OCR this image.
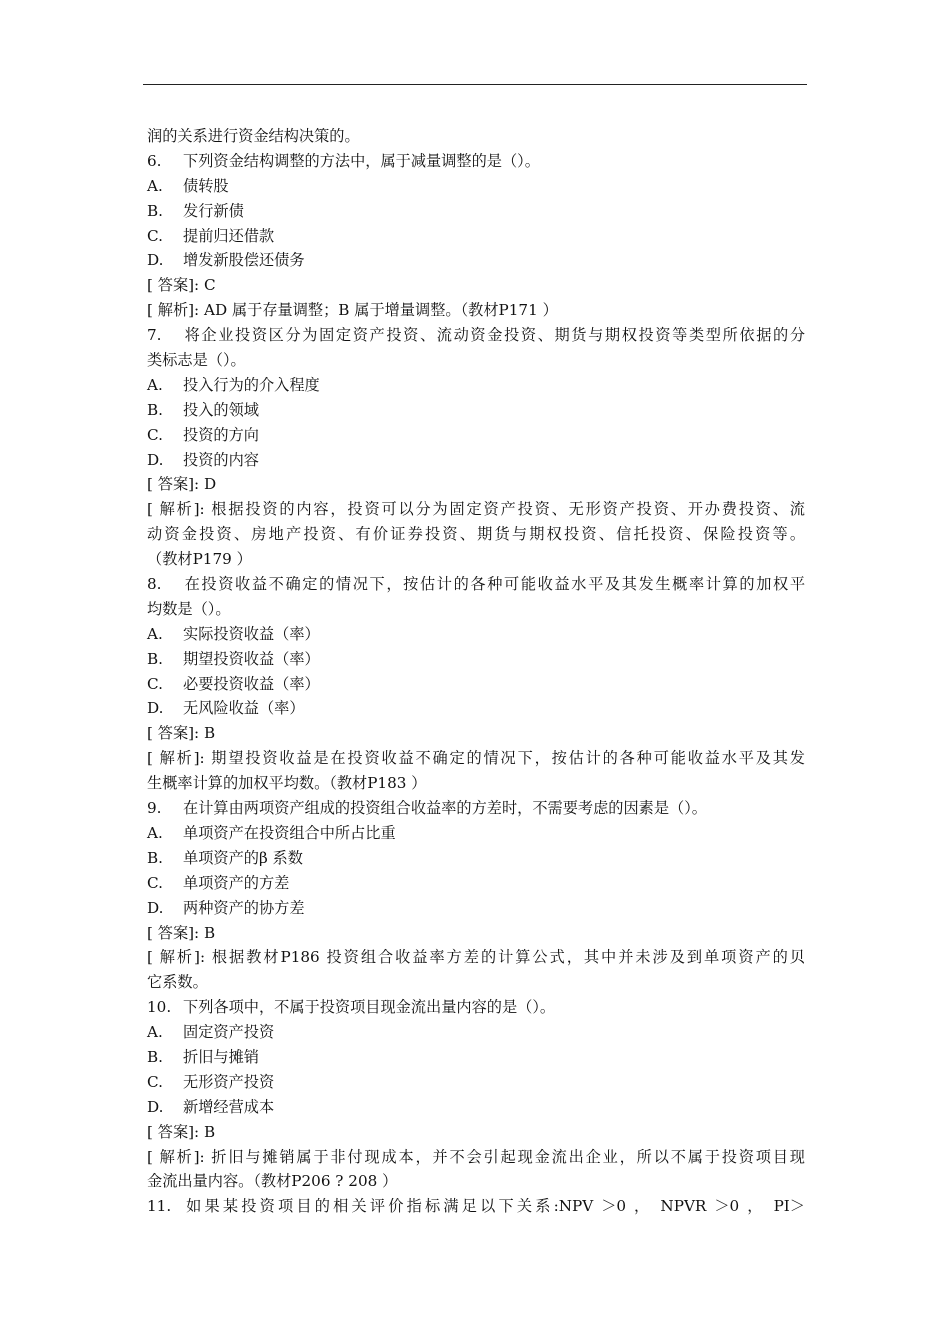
润的关系进行资金结构决策的。
6. 下列资金结构调整的方法中，属于减量调整的是（）。
A. 债转股
B. 发行新债
C. 提前归还借款
D. 增发新股偿还债务
[ 答案]: C
[ 解析]: AD 属于存量调整；B 属于增量调整。（教材P171 ）
7. 将企业投资区分为固定资产投资、流动资金投资、期货与期权投资等类型所依据的分
类标志是（）。
A. 投入行为的介入程度
B. 投入的领域
C. 投资的方向
D. 投资的内容
[ 答案]: D
[ 解析]: 根据投资的内容，投资可以分为固定资产投资、无形资产投资、开办费投资、流
动资金投资、房地产投资、有价证券投资、期货与期权投资、信托投资、保险投资等。
（教材P179 ）
8. 在投资收益不确定的情况下，按估计的各种可能收益水平及其发生概率计算的加权平
均数是（）。
A. 实际投资收益（率）
B. 期望投资收益（率）
C. 必要投资收益（率）
D. 无风险收益（率）
[ 答案]: B
[ 解析]: 期望投资收益是在投资收益不确定的情况下，按估计的各种可能收益水平及其发
生概率计算的加权平均数。（教材P183 ）
9. 在计算由两项资产组成的投资组合收益率的方差时，不需要考虑的因素是（）。
A. 单项资产在投资组合中所占比重
B. 单项资产的β 系数
C. 单项资产的方差
D. 两种资产的协方差
[ 答案]: B
[ 解析]: 根据教材P186 投资组合收益率方差的计算公式，其中并未涉及到单项资产的贝
它系数。
10. 下列各项中，不属于投资项目现金流出量内容的是（）。
A. 固定资产投资
B. 折旧与摊销
C. 无形资产投资
D. 新增经营成本
[ 答案]: B
[ 解析]: 折旧与摊销属于非付现成本，并不会引起现金流出企业，所以不属于投资项目现
金流出量内容。（教材P206 ? 208 ）
11. 如果某投资项目的相关评价指标满足以下关系:NPV ＞0 ， NPVR ＞0 ， PI＞
